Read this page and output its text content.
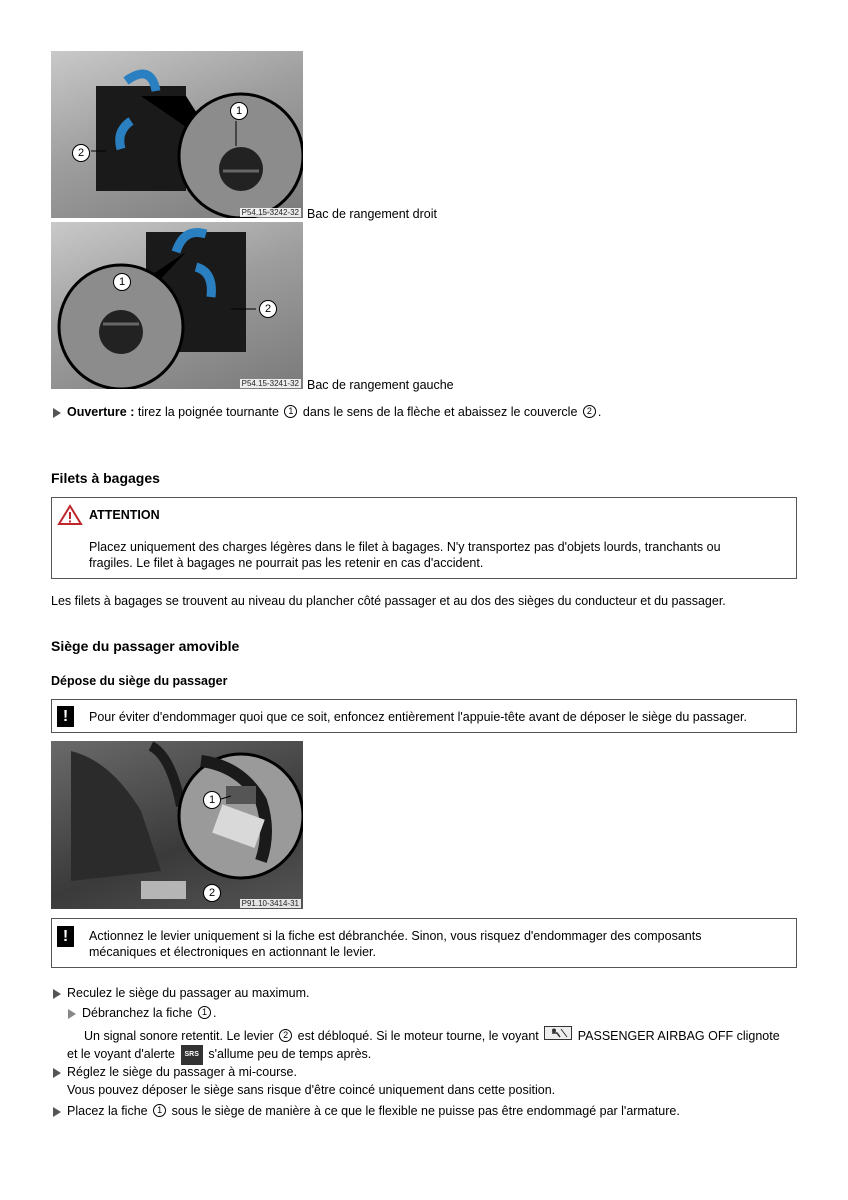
1
2
P54.15-3242-32 Bac de rangement droit
1
2
P54.15-3241-32 Bac de rangement gauche
Ouverture : tirez la poignée tournante 1 dans le sens de la flèche et abaissez le couvercle 2 .
Filets à bagages
ATTENTION
Placez uniquement des charges légères dans le filet à bagages. N'y transportez pas d'objets lourds, tranchants ou
fragiles. Le filet à bagages ne pourrait pas les retenir en cas d'accident.
Les filets à bagages se trouvent au niveau du plancher côté passager et au dos des sièges du conducteur et du passager.
Siège du passager amovible
Dépose du siège du passager
!	Pour éviter d'endommager quoi que ce soit, enfoncez entièrement l'appuie-tête avant de déposer le siège du passager.
1
2
P91.10-3414-31
!	Actionnez le levier uniquement si la fiche est débranchée. Sinon, vous risquez d'endommager des composants
mécaniques et électroniques en actionnant le levier.
Reculez le siège du passager au maximum.
Débranchez la fiche 1 .
Un signal sonore retentit. Le levier 2 est débloqué. Si le moteur tourne, le voyant	PASSENGER AIRBAG OFF clignote
et le voyant d'alerte SRS s'allume peu de temps après.
Réglez le siège du passager à mi-course.
Vous pouvez déposer le siège sans risque d'être coincé uniquement dans cette position.
Placez la fiche 1 sous le siège de manière à ce que le flexible ne puisse pas être endommagé par l'armature.
